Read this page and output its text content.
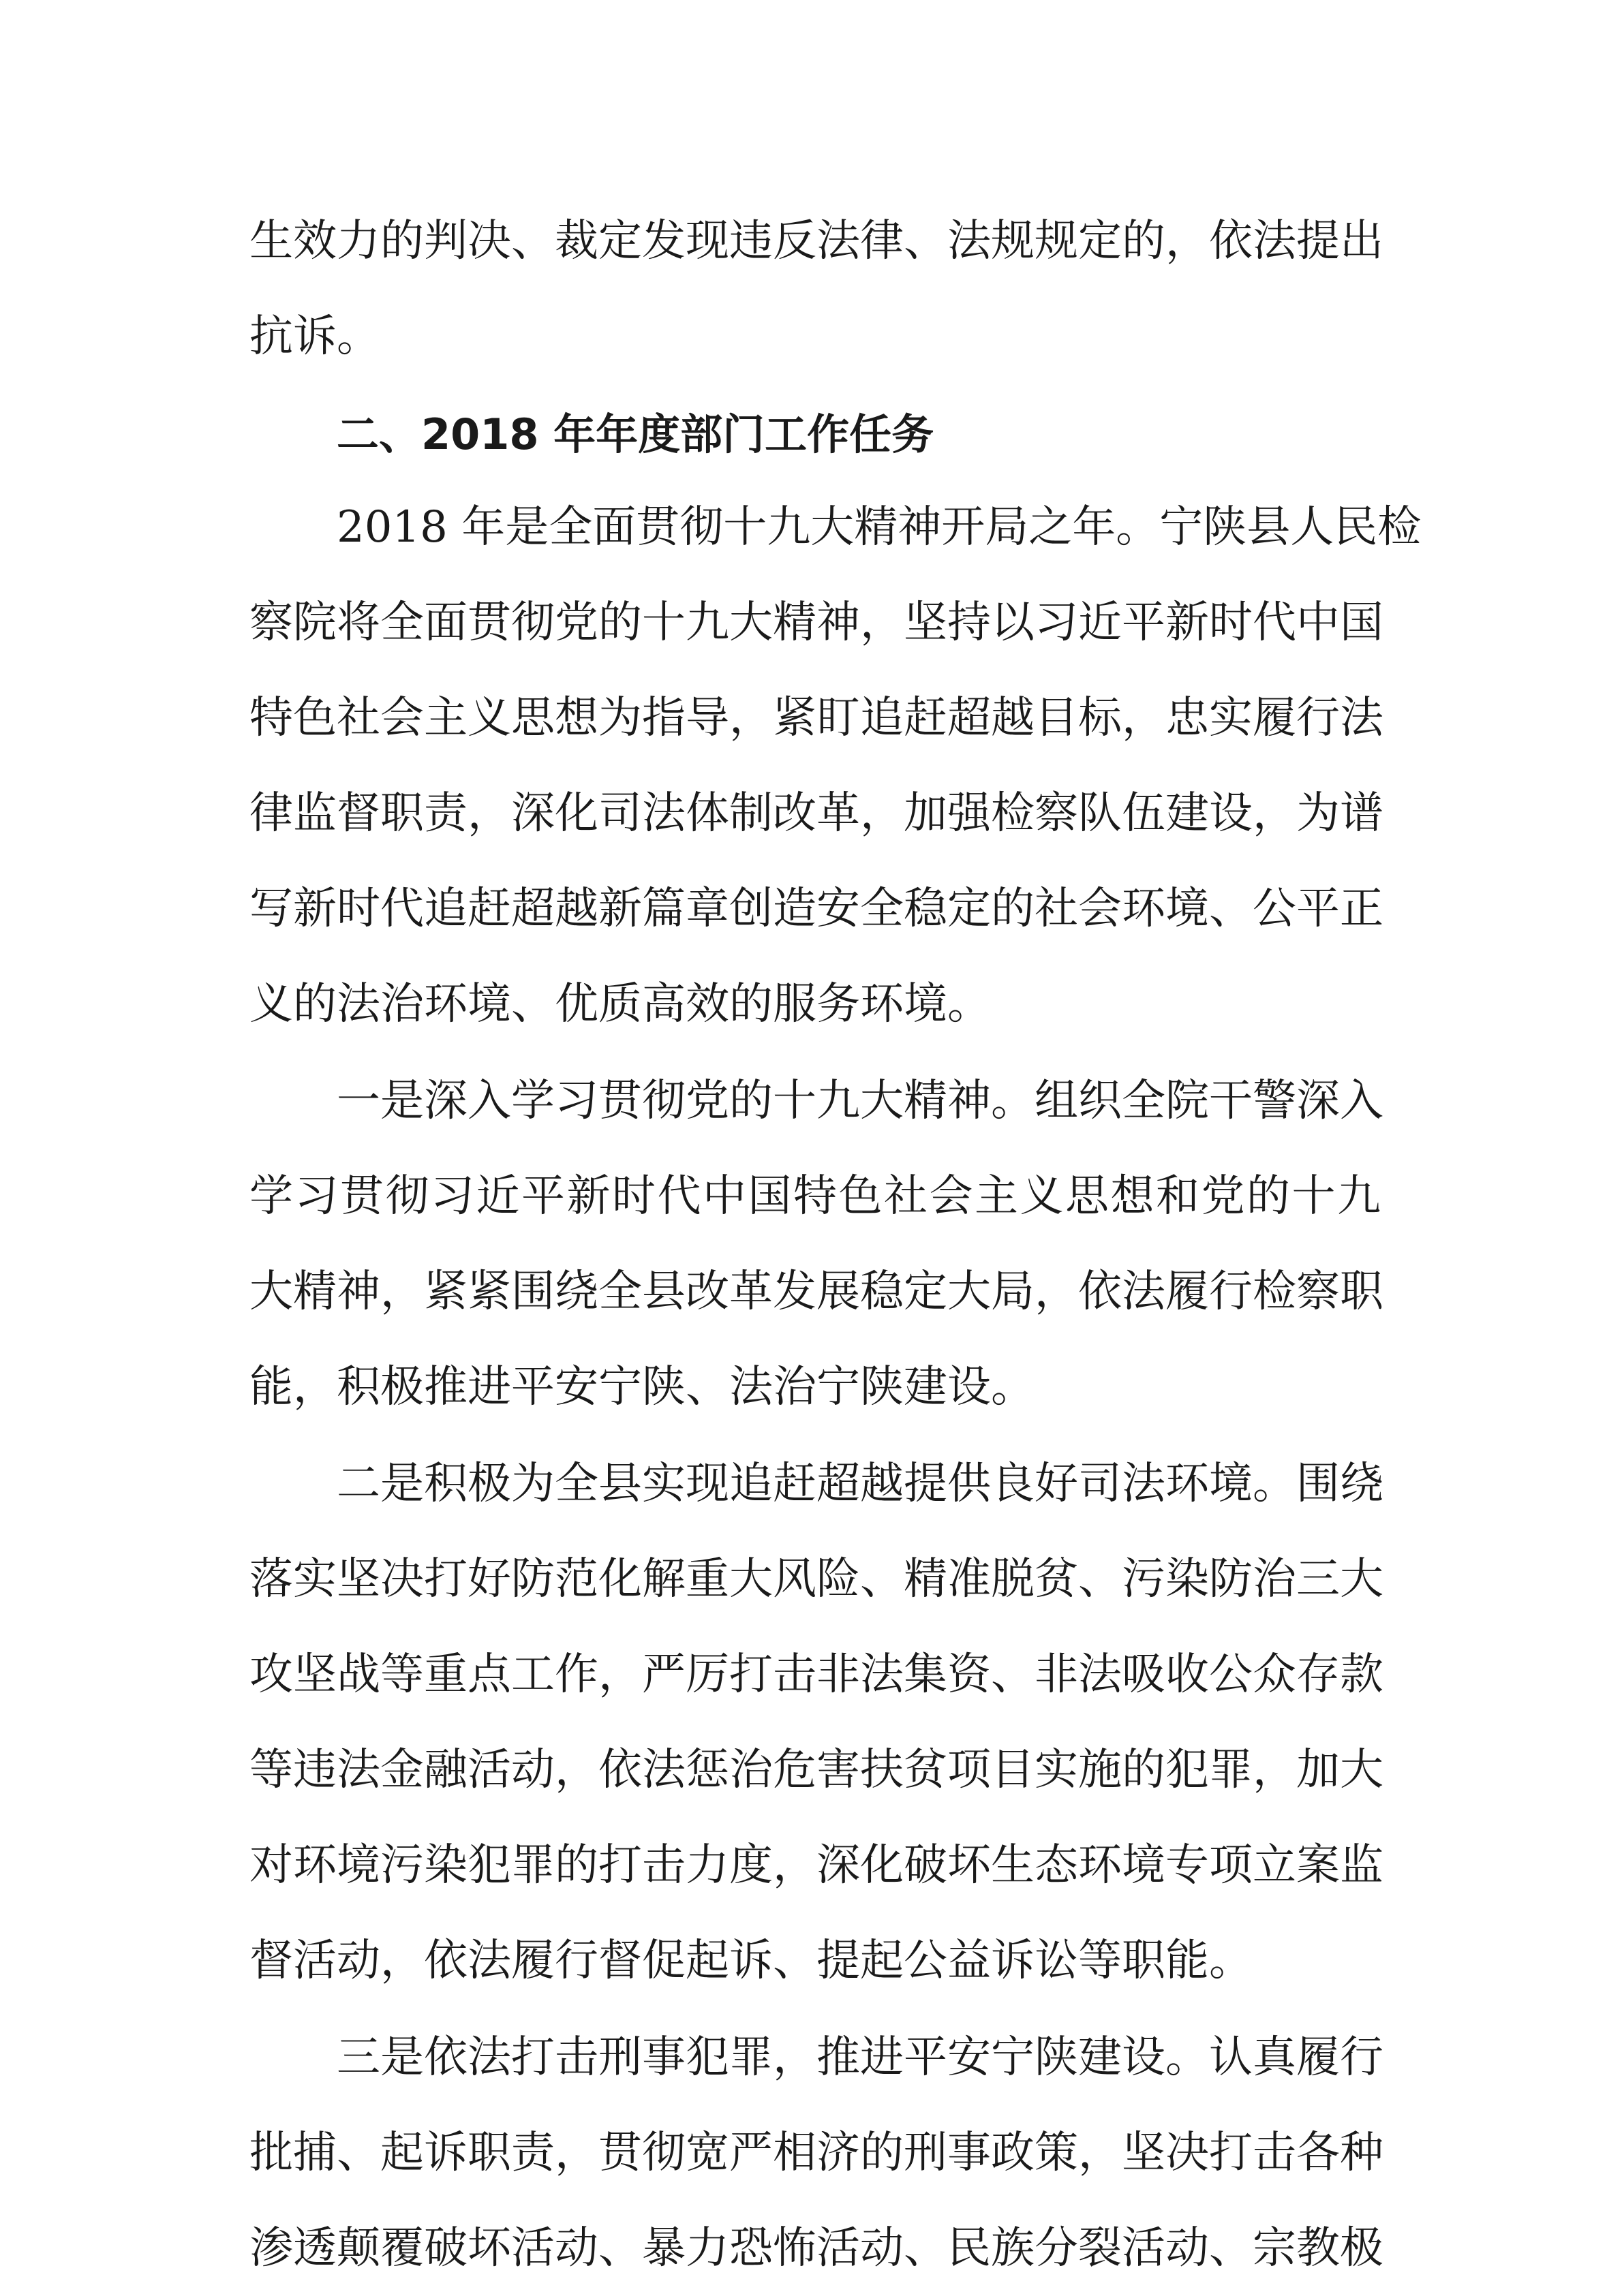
生效力的判决、裁定发现违反法律、法规规定的，依法提出

抗诉。

二、2018 年年度部门工作任务

2018 年是全面贯彻十九大精神开局之年。宁陕县人民检

察院将全面贯彻党的十九大精神，坚持以习近平新时代中国

特色社会主义思想为指导，紧盯追赶超越目标，忠实履行法

律监督职责，深化司法体制改革，加强检察队伍建设，为谱

写新时代追赶超越新篇章创造安全稳定的社会环境、公平正

义的法治环境、优质高效的服务环境。

一是深入学习贯彻党的十九大精神。组织全院干警深入

学习贯彻习近平新时代中国特色社会主义思想和党的十九

大精神，紧紧围绕全县改革发展稳定大局，依法履行检察职

能，积极推进平安宁陕、法治宁陕建设。

二是积极为全县实现追赶超越提供良好司法环境。围绕

落实坚决打好防范化解重大风险、精准脱贫、污染防治三大

攻坚战等重点工作，严厉打击非法集资、非法吸收公众存款

等违法金融活动，依法惩治危害扶贫项目实施的犯罪，加大

对环境污染犯罪的打击力度，深化破坏生态环境专项立案监

督活动，依法履行督促起诉、提起公益诉讼等职能。

三是依法打击刑事犯罪，推进平安宁陕建设。认真履行

批捕、起诉职责，贯彻宽严相济的刑事政策，坚决打击各种

渗透颠覆破坏活动、暴力恐怖活动、民族分裂活动、宗教极
